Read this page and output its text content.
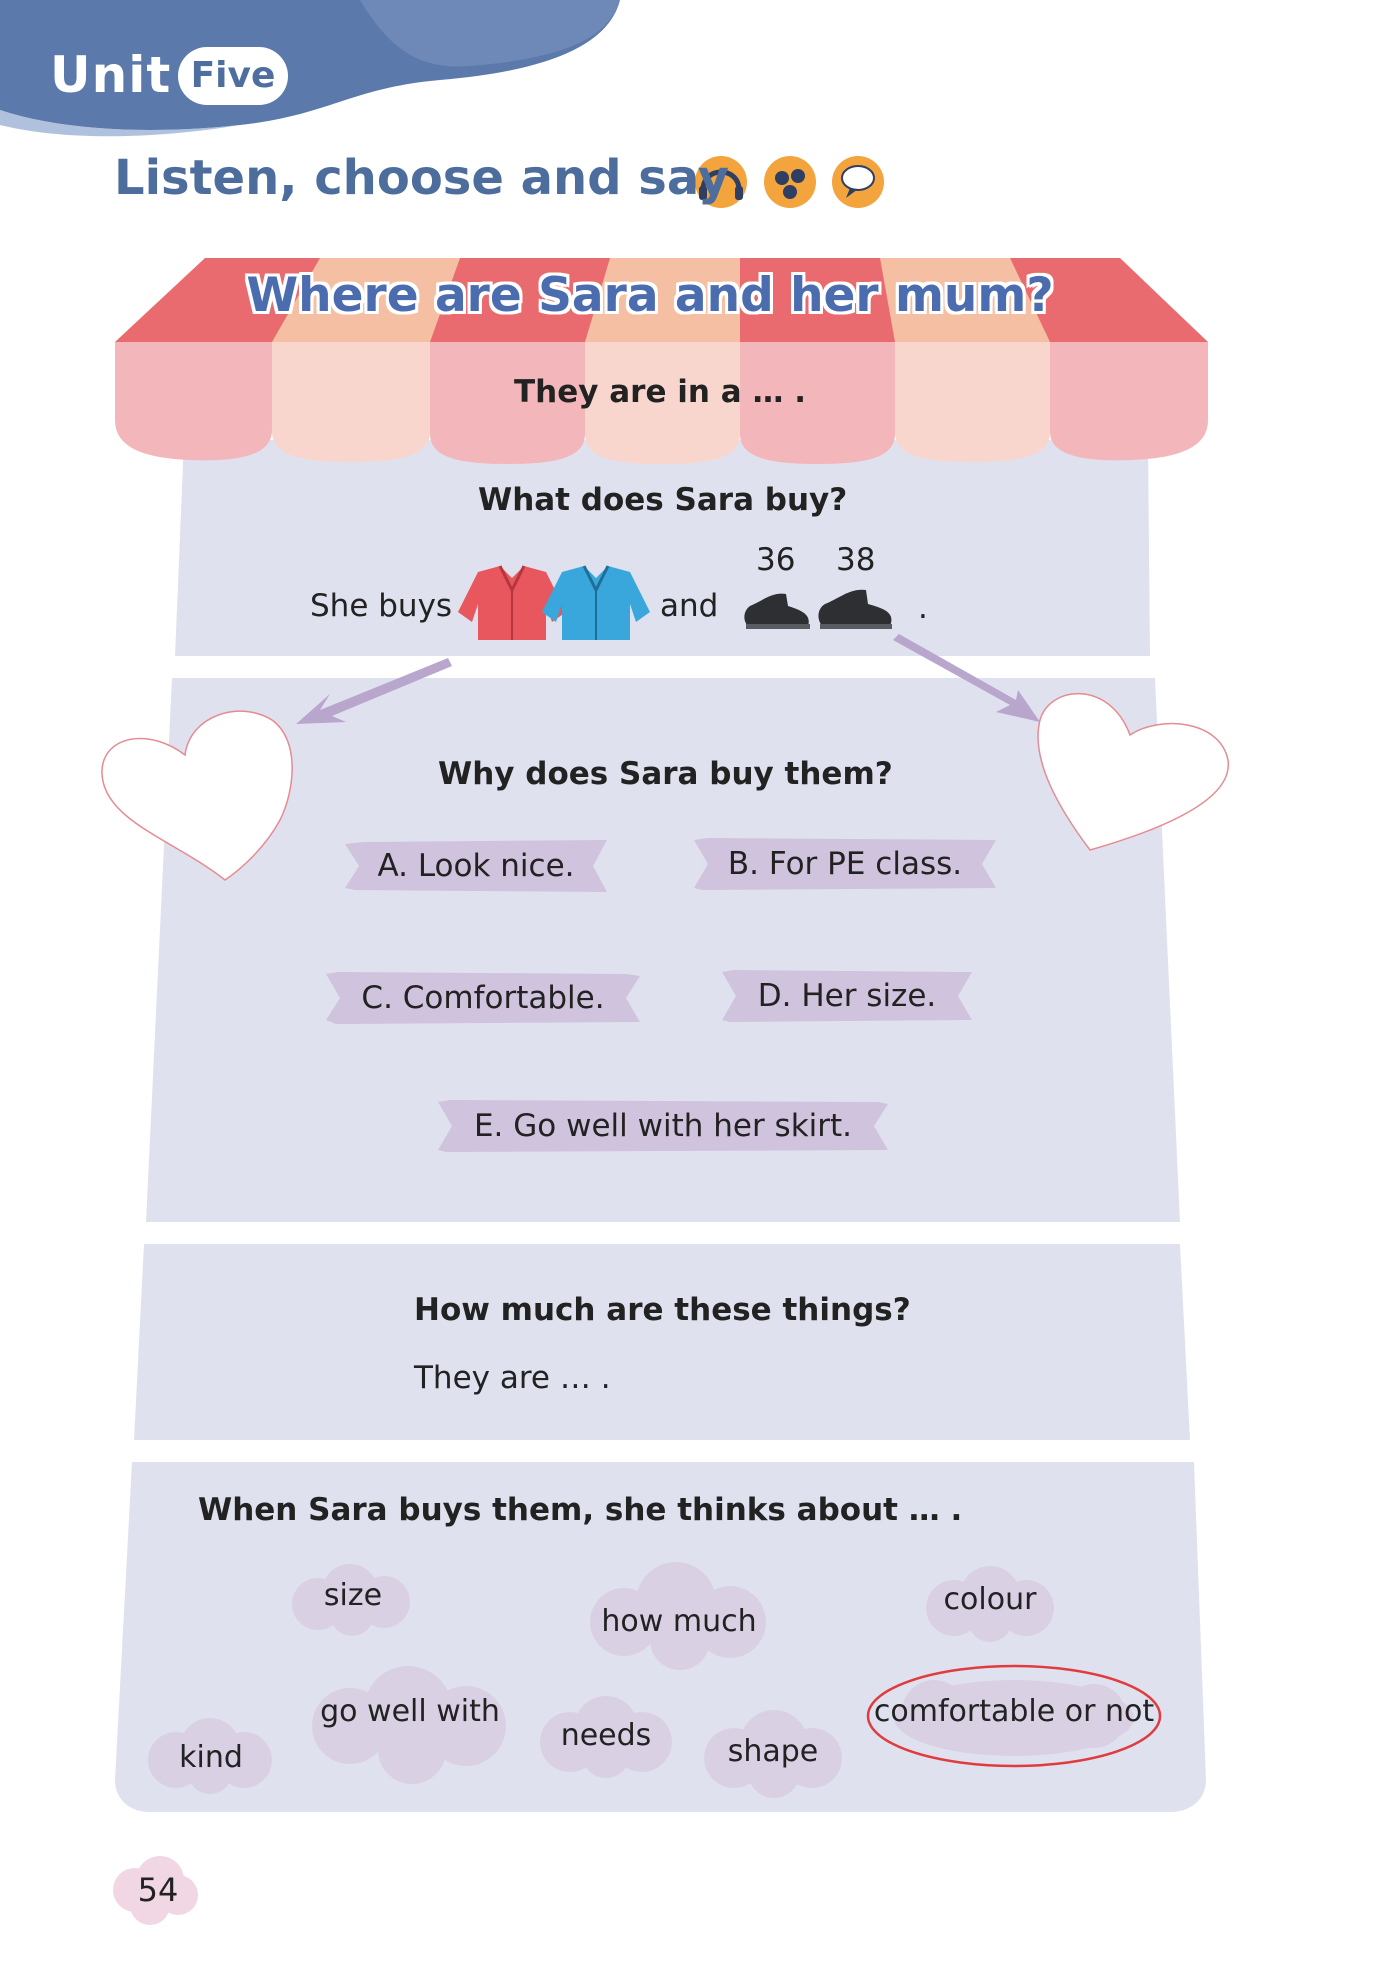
Unit Five
Listen, choose and say
Where are Sara and her mum?
They are in a … .
What does Sara buy?
She buys	and
36 38
.
Why does Sara buy them?
A. Look nice.	B. For PE class.
C. Comfortable.	D. Her size.
E. Go well with her skirt.
How much are these things?
They are … .
When Sara buys them, she thinks about … .
size
how much
colour
kind
go well with
needs	shape
comfortable or not
54
